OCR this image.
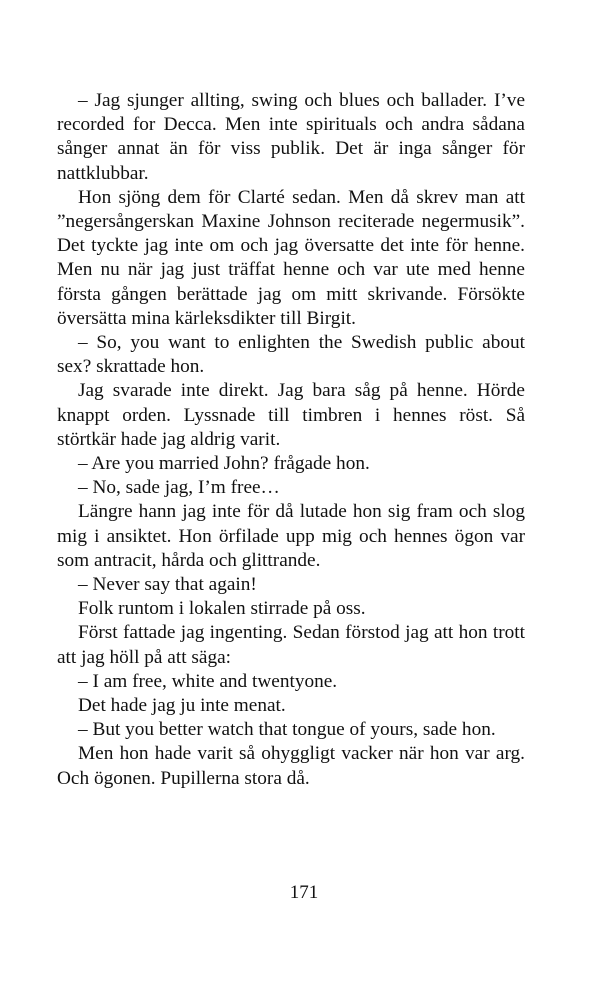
– Jag sjunger allting, swing och blues och ballader. I’ve recorded for Decca. Men inte spirituals och andra sådana sånger annat än för viss publik. Det är inga sånger för nattklubbar.

Hon sjöng dem för Clarté sedan. Men då skrev man att ”negersångerskan Maxine Johnson reciterade negermusik”. Det tyckte jag inte om och jag översatte det inte för henne. Men nu när jag just träffat henne och var ute med henne första gången berättade jag om mitt skrivande. Försökte översätta mina kärleksdikter till Birgit.

– So, you want to enlighten the Swedish public about sex? skrattade hon.

Jag svarade inte direkt. Jag bara såg på henne. Hörde knappt orden. Lyssnade till timbren i hennes röst. Så störtkär hade jag aldrig varit.

– Are you married John? frågade hon.

– No, sade jag, I’m free…

Längre hann jag inte för då lutade hon sig fram och slog mig i ansiktet. Hon örfilade upp mig och hennes ögon var som antracit, hårda och glittrande.

– Never say that again!

Folk runtom i lokalen stirrade på oss.

Först fattade jag ingenting. Sedan förstod jag att hon trott att jag höll på att säga:

– I am free, white and twentyone.

Det hade jag ju inte menat.

– But you better watch that tongue of yours, sade hon.

Men hon hade varit så ohyggligt vacker när hon var arg. Och ögonen. Pupillerna stora då.

171
